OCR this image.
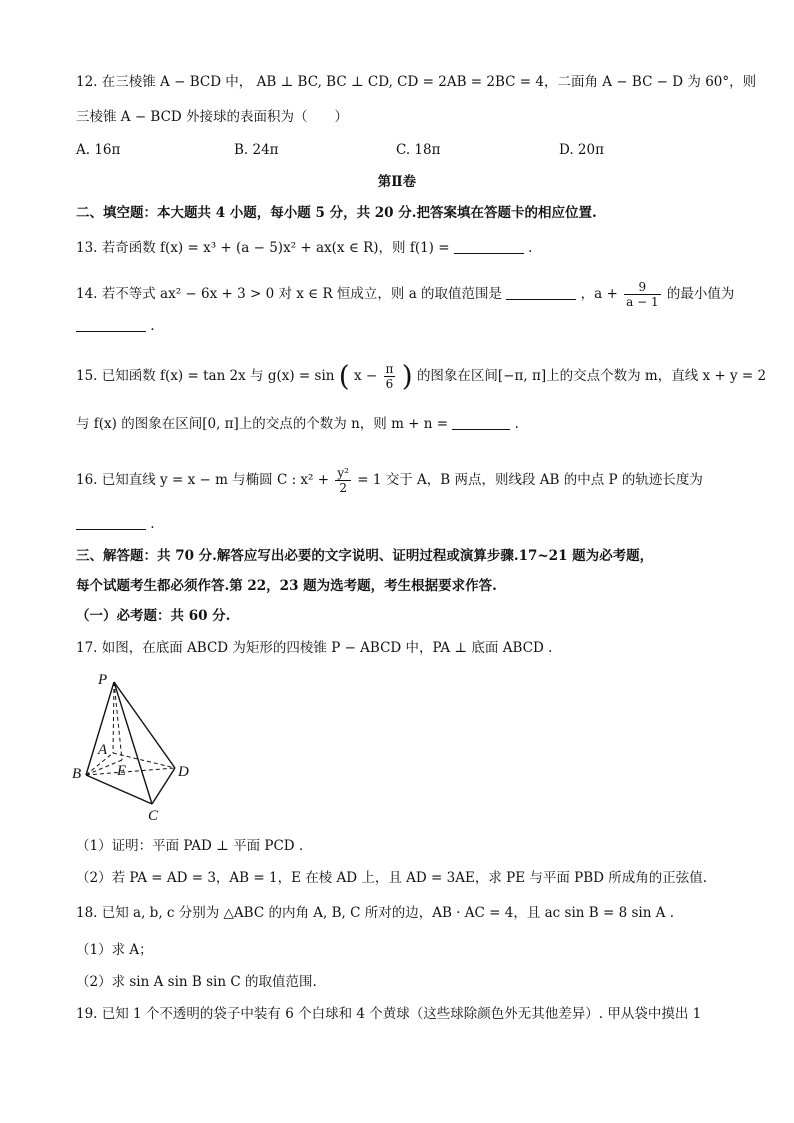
12. 在三棱锥 A − BCD 中， AB ⊥ BC, BC ⊥ CD, CD = 2AB = 2BC = 4，二面角 A − BC − D 为 60°，则
三棱锥 A − BCD 外接球的表面积为（　　）
A. 16π	B. 24π	C. 18π	D. 20π
第Ⅱ卷
二、填空题：本大题共 4 小题，每小题 5 分，共 20 分.把答案填在答题卡的相应位置.
13. 若奇函数 f(x) = x³ + (a − 5)x² + ax(x ∈ R)，则 f(1) =	.
14. 若不等式 ax² − 6x + 3 > 0 对 x ∈ R 恒成立，则 a 的取值范围是	，$a + \frac{9}{a - 1}$ 的最小值为
.
15. 已知函数 f(x) = tan 2x 与 g(x) = sin ( $x - \frac{\pi}{6}$ ) 的图象在区间[−π, π]上的交点个数为 m，直线 x + y = 2
与 f(x) 的图象在区间[0, π]上的交点的个数为 n，则 m + n =	.
16. 已知直线 y = x − m 与椭圆 C : $x^2 + \frac{\text{y²}}{2} = 1$ 交于 A，B 两点，则线段 AB 的中点 P 的轨迹长度为
.
三、解答题：共 70 分.解答应写出必要的文字说明、证明过程或演算步骤.17~21 题为必考题，
每个试题考生都必须作答.第 22，23 题为选考题，考生根据要求作答.
（一）必考题：共 60 分.
17. 如图，在底面 ABCD 为矩形的四棱锥 P − ABCD 中，PA ⊥ 底面 ABCD .
P
A
B E	D
C
（1）证明：平面 PAD ⊥ 平面 PCD .
（2）若 PA = AD = 3，AB = 1，E 在棱 AD 上，且 AD = 3AE，求 PE 与平面 PBD 所成角的正弦值.
18. 已知 a, b, c 分别为 △ABC 的内角 A, B, C 所对的边，AB · AC = 4，且 ac sin B = 8 sin A .
（1）求 A；
（2）求 sin A sin B sin C 的取值范围.
19. 已知 1 个不透明的袋子中装有 6 个白球和 4 个黄球（这些球除颜色外无其他差异）. 甲从袋中摸出 1
